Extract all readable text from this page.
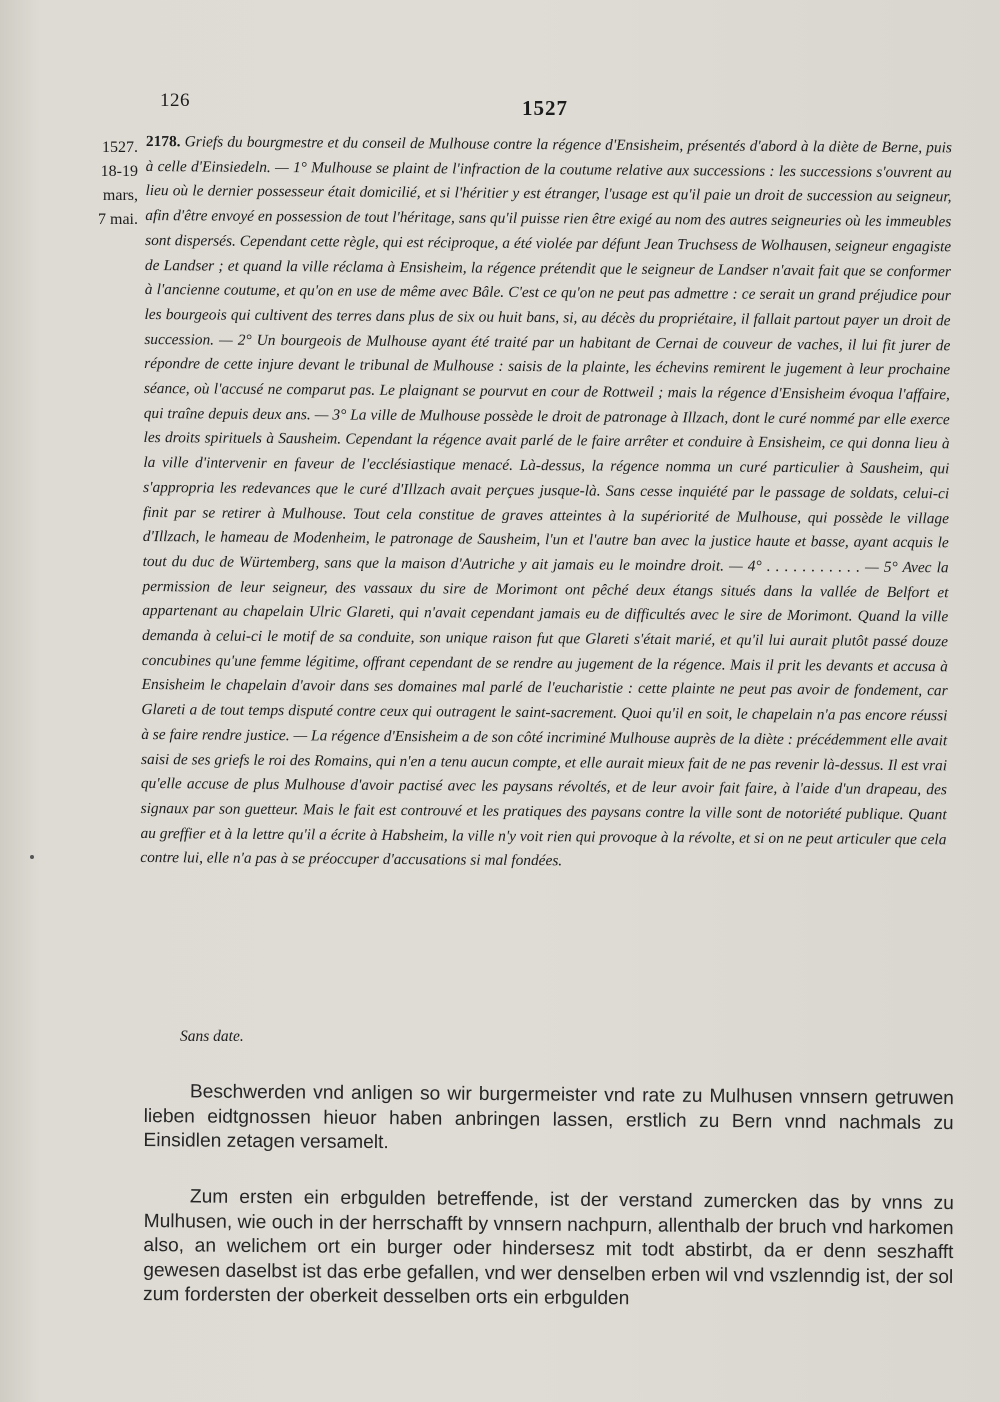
126	1527
1527.
18-19
mars,
7 mai.
2178. Griefs du bourgmestre et du conseil de Mulhouse contre la régence d'Ensisheim, présentés d'abord à la diète de Berne, puis à celle d'Einsiedeln. — 1° Mulhouse se plaint de l'infraction de la coutume relative aux successions : les successions s'ouvrent au lieu où le dernier possesseur était domicilié, et si l'héritier y est étranger, l'usage est qu'il paie un droit de succession au seigneur, afin d'être envoyé en possession de tout l'héritage, sans qu'il puisse rien être exigé au nom des autres seigneuries où les immeubles sont dispersés. Cependant cette règle, qui est réciproque, a été violée par défunt Jean Truchsess de Wolhausen, seigneur engagiste de Landser ; et quand la ville réclama à Ensisheim, la régence prétendit que le seigneur de Landser n'avait fait que se conformer à l'ancienne coutume, et qu'on en use de même avec Bâle. C'est ce qu'on ne peut pas admettre : ce serait un grand préjudice pour les bourgeois qui cultivent des terres dans plus de six ou huit bans, si, au décès du propriétaire, il fallait partout payer un droit de succession. — 2° Un bourgeois de Mulhouse ayant été traité par un habitant de Cernai de couveur de vaches, il lui fit jurer de répondre de cette injure devant le tribunal de Mulhouse : saisis de la plainte, les échevins remirent le jugement à leur prochaine séance, où l'accusé ne comparut pas. Le plaignant se pourvut en cour de Rottweil ; mais la régence d'Ensisheim évoqua l'affaire, qui traîne depuis deux ans. — 3° La ville de Mulhouse possède le droit de patronage à Illzach, dont le curé nommé par elle exerce les droits spirituels à Sausheim. Cependant la régence avait parlé de le faire arrêter et conduire à Ensisheim, ce qui donna lieu à la ville d'intervenir en faveur de l'ecclésiastique menacé. Là-dessus, la régence nomma un curé particulier à Sausheim, qui s'appropria les redevances que le curé d'Illzach avait perçues jusque-là. Sans cesse inquiété par le passage de soldats, celui-ci finit par se retirer à Mulhouse. Tout cela constitue de graves atteintes à la supériorité de Mulhouse, qui possède le village d'Illzach, le hameau de Modenheim, le patronage de Sausheim, l'un et l'autre ban avec la justice haute et basse, ayant acquis le tout du duc de Würtemberg, sans que la maison d'Autriche y ait jamais eu le moindre droit. — 4° . . . . . . . . . . . — 5° Avec la permission de leur seigneur, des vassaux du sire de Morimont ont pêché deux étangs situés dans la vallée de Belfort et appartenant au chapelain Ulric Glareti, qui n'avait cependant jamais eu de difficultés avec le sire de Morimont. Quand la ville demanda à celui-ci le motif de sa conduite, son unique raison fut que Glareti s'était marié, et qu'il lui aurait plutôt passé douze concubines qu'une femme légitime, offrant cependant de se rendre au jugement de la régence. Mais il prit les devants et accusa à Ensisheim le chapelain d'avoir dans ses domaines mal parlé de l'eucharistie : cette plainte ne peut pas avoir de fondement, car Glareti a de tout temps disputé contre ceux qui outragent le saint-sacrement. Quoi qu'il en soit, le chapelain n'a pas encore réussi à se faire rendre justice. — La régence d'Ensisheim a de son côté incriminé Mulhouse auprès de la diète : précédemment elle avait saisi de ses griefs le roi des Romains, qui n'en a tenu aucun compte, et elle aurait mieux fait de ne pas revenir là-dessus. Il est vrai qu'elle accuse de plus Mulhouse d'avoir pactisé avec les paysans révoltés, et de leur avoir fait faire, à l'aide d'un drapeau, des signaux par son guetteur. Mais le fait est controuvé et les pratiques des paysans contre la ville sont de notoriété publique. Quant au greffier et à la lettre qu'il a écrite à Habsheim, la ville n'y voit rien qui provoque à la révolte, et si on ne peut articuler que cela contre lui, elle n'a pas à se préoccuper d'accusations si mal fondées.
Sans date.
Beschwerden vnd anligen so wir burgermeister vnd rate zu Mulhusen vnnsern getruwen lieben eidtgnossen hieuor haben anbringen lassen, erstlich zu Bern vnnd nachmals zu Einsidlen zetagen versamelt.
Zum ersten ein erbgulden betreffende, ist der verstand zumercken das by vnns zu Mulhusen, wie ouch in der herrschafft by vnnsern nachpurn, allenthalb der bruch vnd harkomen also, an welichem ort ein burger oder hindersesz mit todt abstirbt, da er denn seszhafft gewesen daselbst ist das erbe gefallen, vnd wer denselben erben wil vnd vszlenndig ist, der sol zum fordersten der oberkeit desselben orts ein erbgulden
